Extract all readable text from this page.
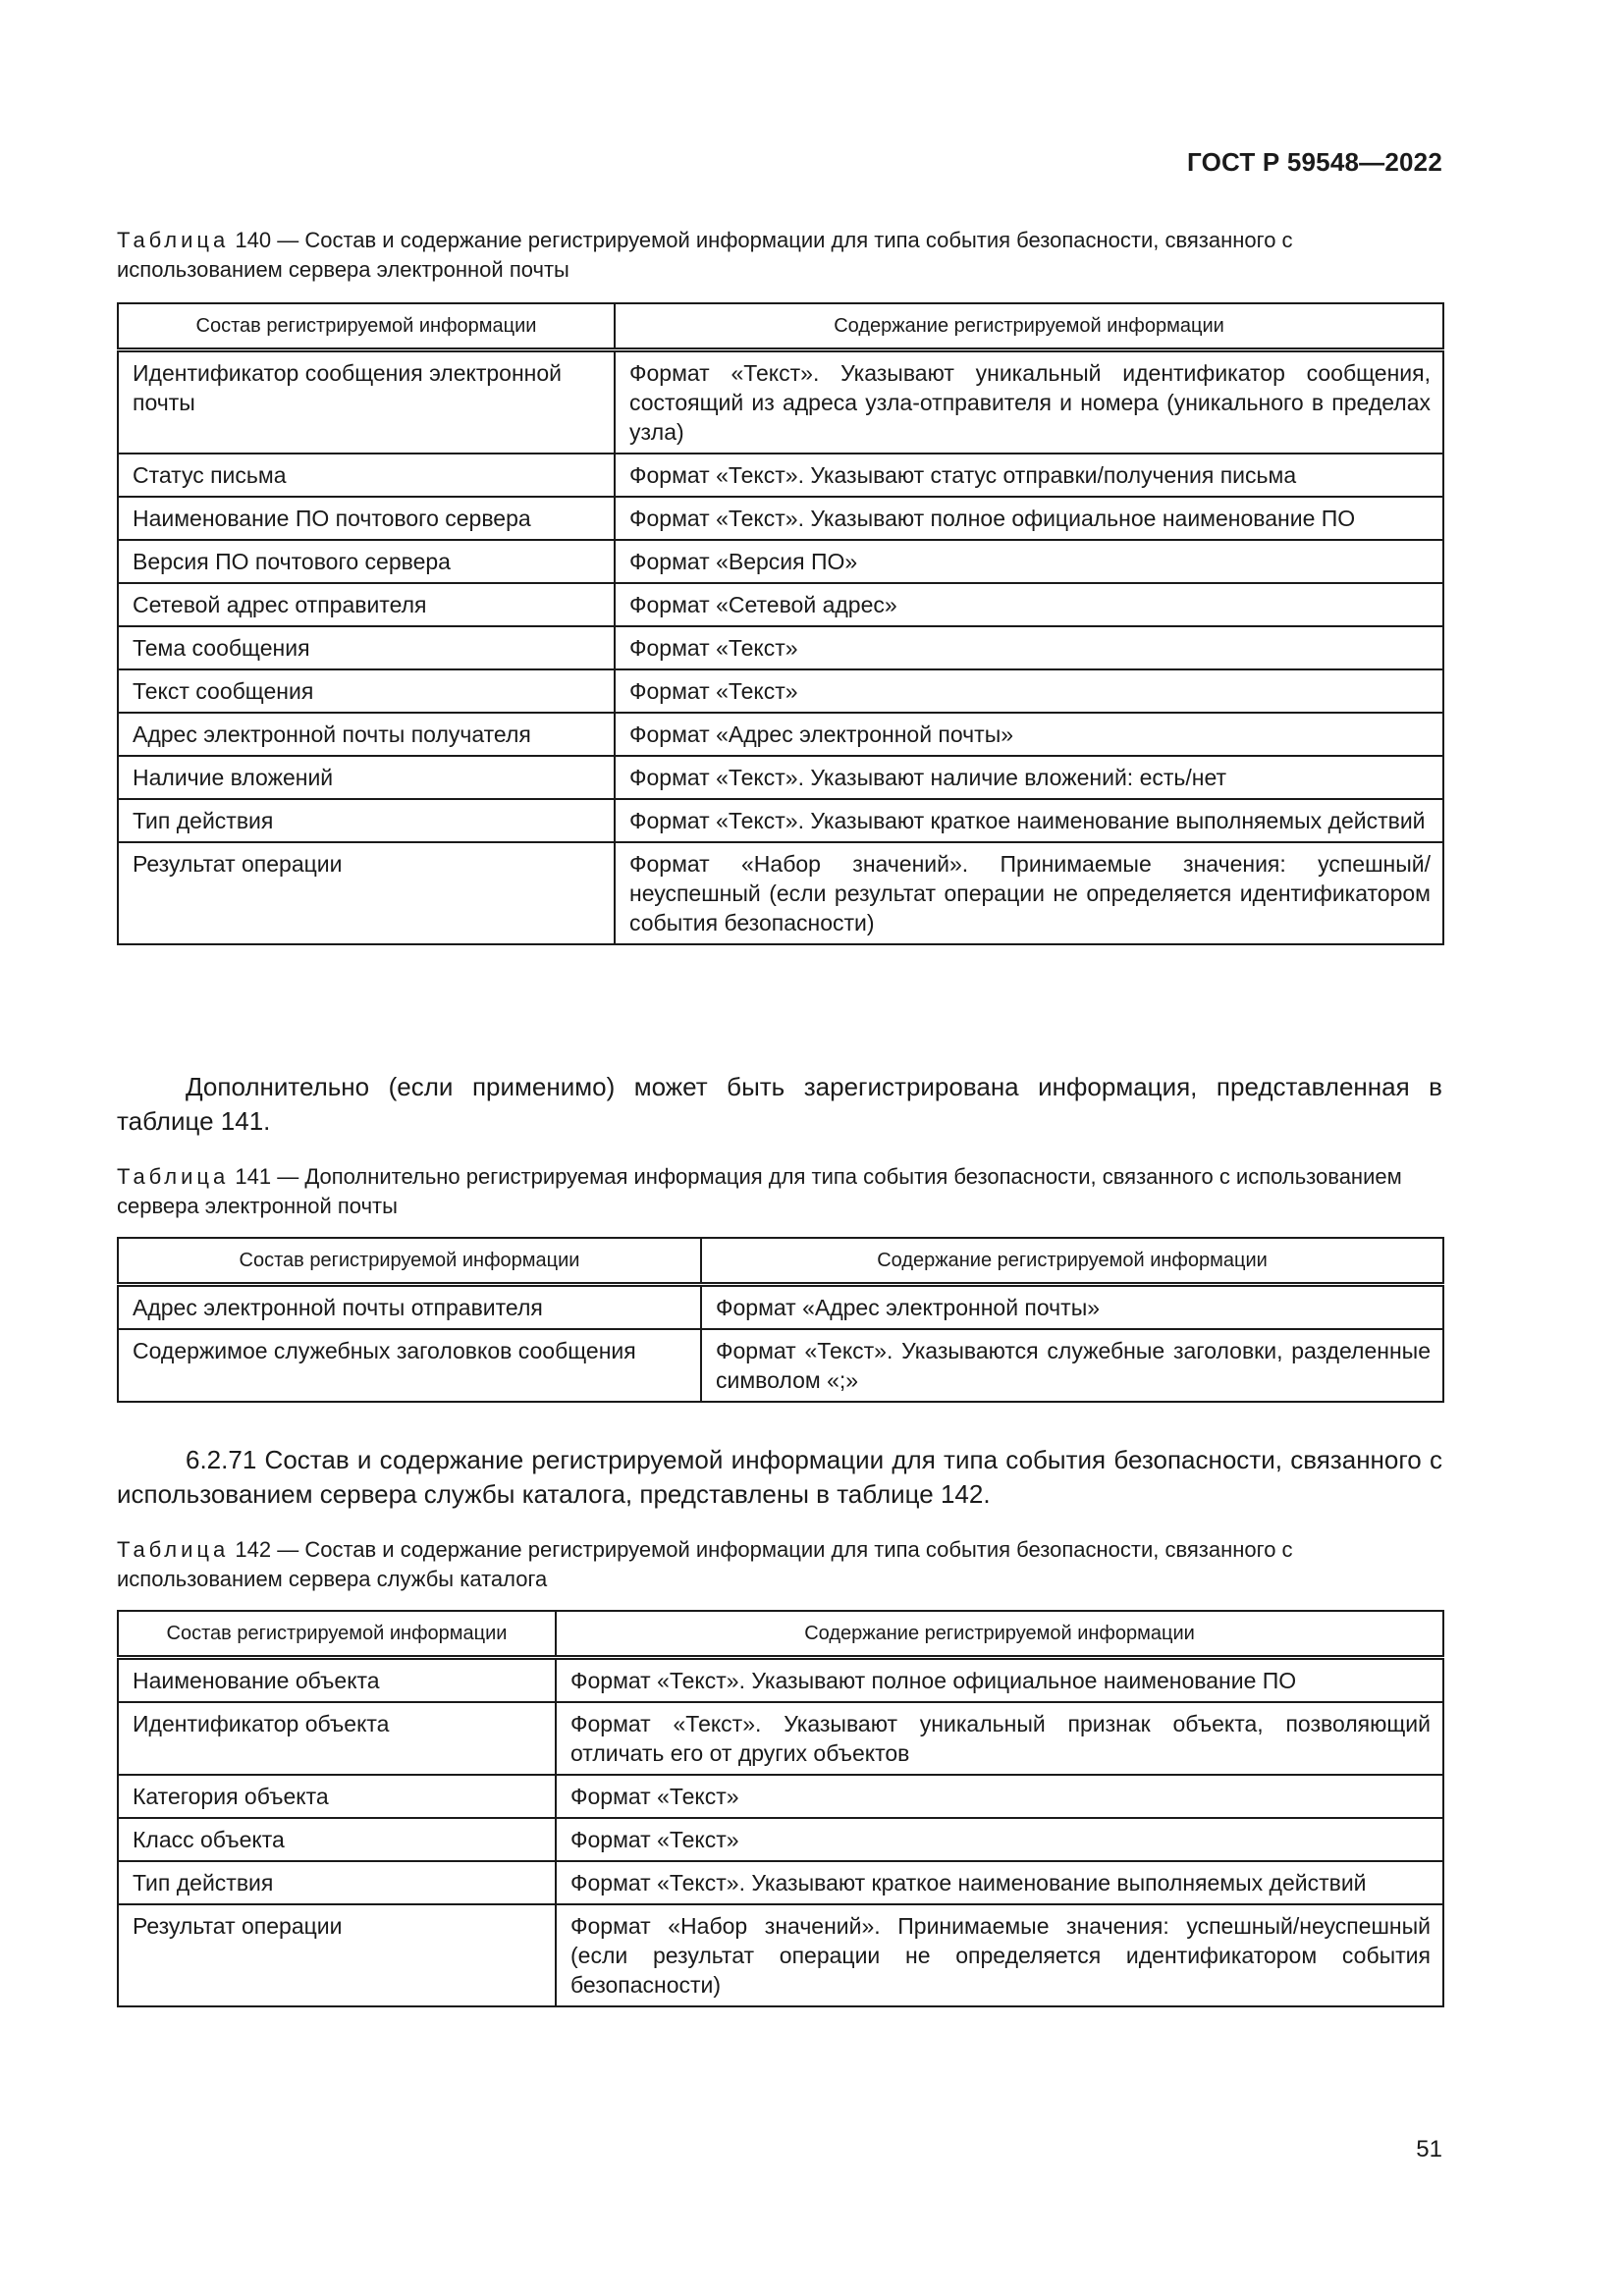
ГОСТ Р 59548—2022
Таблица 140 — Состав и содержание регистрируемой информации для типа события безопасности, связанного с использованием сервера электронной почты
Состав регистрируемой информации	Содержание регистрируемой информации
Идентификатор сообщения электронной почты	Формат «Текст». Указывают уникальный идентификатор сообщения, состоящий из адреса узла-отправителя и номера (уникального в пределах узла)
Статус письма	Формат «Текст». Указывают статус отправки/получения письма
Наименование ПО почтового сервера	Формат «Текст». Указывают полное официальное наименование ПО
Версия ПО почтового сервера	Формат «Версия ПО»
Сетевой адрес отправителя	Формат «Сетевой адрес»
Тема сообщения	Формат «Текст»
Текст сообщения	Формат «Текст»
Адрес электронной почты получателя	Формат «Адрес электронной почты»
Наличие вложений	Формат «Текст». Указывают наличие вложений: есть/нет
Тип действия	Формат «Текст». Указывают краткое наименование выполняемых действий
Результат операции	Формат «Набор значений». Принимаемые значения: успешный/неуспешный (если результат операции не определяется идентификатором события безопасности)
Дополнительно (если применимо) может быть зарегистрирована информация, представленная в таблице 141.
Таблица 141 — Дополнительно регистрируемая информация для типа события безопасности, связанного с использованием сервера электронной почты
Состав регистрируемой информации	Содержание регистрируемой информации
Адрес электронной почты отправителя	Формат «Адрес электронной почты»
Содержимое служебных заголовков сообщения	Формат «Текст». Указываются служебные заголовки, разделенные символом «;»
6.2.71 Состав и содержание регистрируемой информации для типа события безопасности, связанного с использованием сервера службы каталога, представлены в таблице 142.
Таблица 142 — Состав и содержание регистрируемой информации для типа события безопасности, связанного с использованием сервера службы каталога
Состав регистрируемой информации	Содержание регистрируемой информации
Наименование объекта	Формат «Текст». Указывают полное официальное наименование ПО
Идентификатор объекта	Формат «Текст». Указывают уникальный признак объекта, позволяющий отличать его от других объектов
Категория объекта	Формат «Текст»
Класс объекта	Формат «Текст»
Тип действия	Формат «Текст». Указывают краткое наименование выполняемых действий
Результат операции	Формат «Набор значений». Принимаемые значения: успешный/неуспешный (если результат операции не определяется идентификатором события безопасности)
51
